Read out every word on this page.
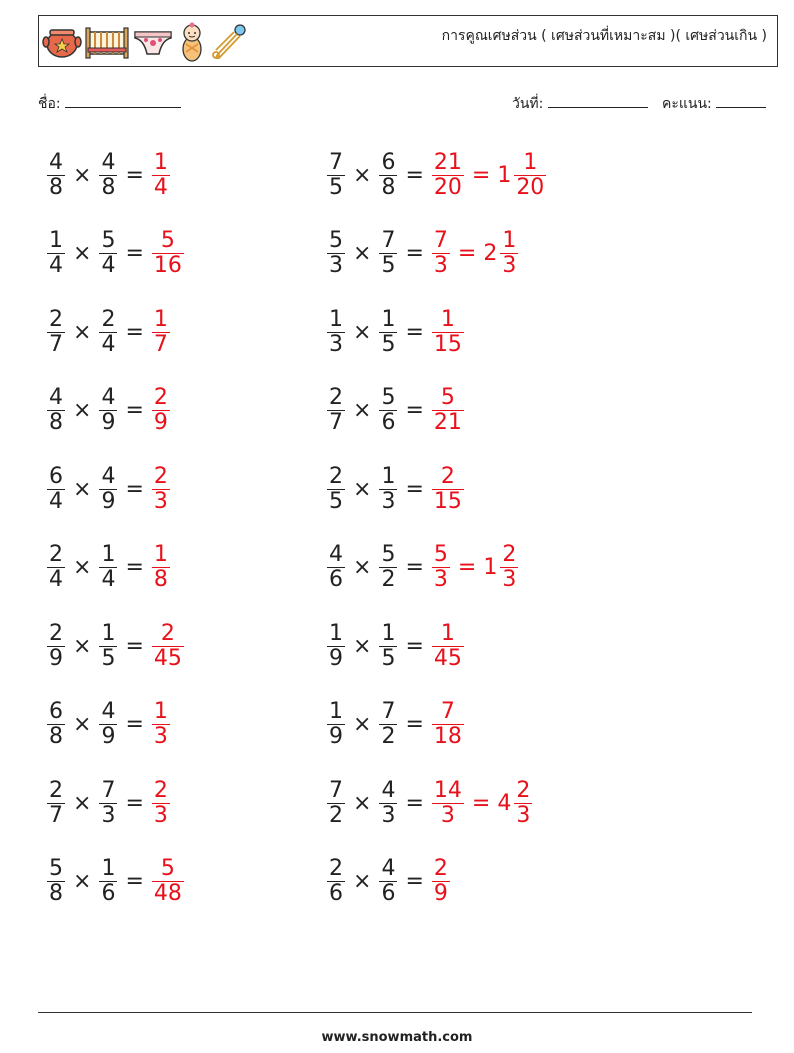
การคูณเศษส่วน ( เศษส่วนที่เหมาะสม )( เศษส่วนเกิน )
ชื่อ:	วันที่:	คะแนน:
$\frac{4}{8} \times \frac{4}{8} = \frac{1}{4}$	$\frac{7}{5} \times \frac{6}{8} = \frac{21}{20} = 1 \frac{1}{20}$
$\frac{1}{4} \times \frac{5}{4} = \frac{5}{16}$	$\frac{5}{3} \times \frac{7}{5} = \frac{7}{3} = 2 \frac{1}{3}$
$\frac{2}{7} \times \frac{2}{4} = \frac{1}{7}$	$\frac{1}{3} \times \frac{1}{5} = \frac{1}{15}$
$\frac{4}{8} \times \frac{4}{9} = \frac{2}{9}$	$\frac{2}{7} \times \frac{5}{6} = \frac{5}{21}$
$\frac{6}{4} \times \frac{4}{9} = \frac{2}{3}$	$\frac{2}{5} \times \frac{1}{3} = \frac{2}{15}$
$\frac{2}{4} \times \frac{1}{4} = \frac{1}{8}$	$\frac{4}{6} \times \frac{5}{2} = \frac{5}{3} = 1 \frac{2}{3}$
$\frac{2}{9} \times \frac{1}{5} = \frac{2}{45}$	$\frac{1}{9} \times \frac{1}{5} = \frac{1}{45}$
$\frac{6}{8} \times \frac{4}{9} = \frac{1}{3}$	$\frac{1}{9} \times \frac{7}{2} = \frac{7}{18}$
$\frac{2}{7} \times \frac{7}{3} = \frac{2}{3}$	$\frac{7}{2} \times \frac{4}{3} = \frac{14}{3} = 4 \frac{2}{3}$
$\frac{5}{8} \times \frac{1}{6} = \frac{5}{48}$	$\frac{2}{6} \times \frac{4}{6} = \frac{2}{9}$
www.snowmath.com
